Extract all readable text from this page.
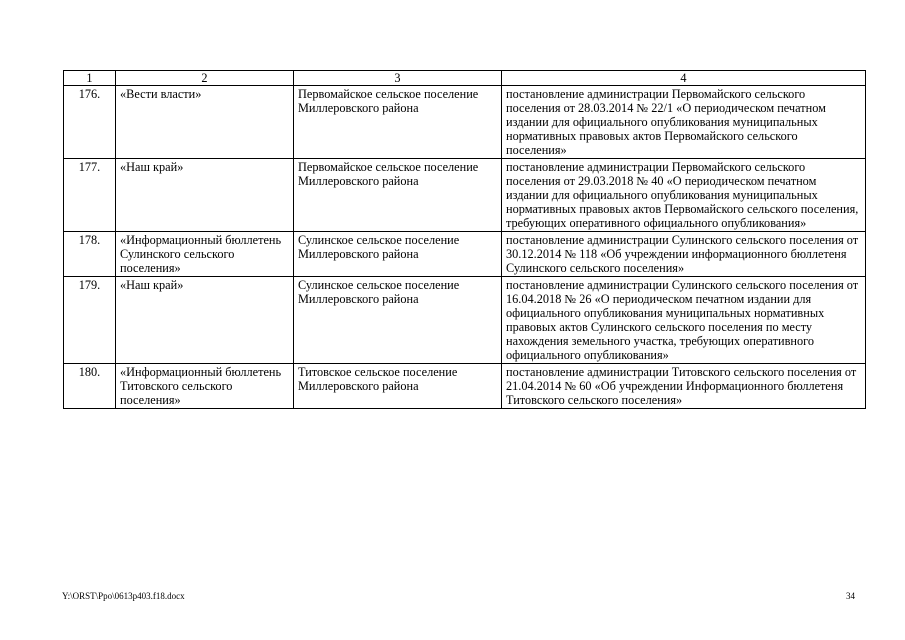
1	2	3	4
176.	«Вести власти»	Первомайское сельское поселение Миллеровского района	постановление администрации Первомайского сельского поселения от 28.03.2014 № 22/1 «О периодическом печатном издании для официального опубликования муниципальных нормативных правовых актов Первомайского сельского поселения»
177.	«Наш край»	Первомайское сельское поселение Миллеровского района	постановление администрации Первомайского сельского поселения от 29.03.2018 № 40 «О периодическом печатном издании для официального опубликования муниципальных нормативных правовых актов Первомайского сельского поселения, требующих оперативного официального опубликования»
178.	«Информационный бюллетень Сулинского сельского поселения»	Сулинское сельское поселение Миллеровского района	постановление администрации Сулинского сельского поселения от 30.12.2014 № 118 «Об учреждении информационного бюллетеня Сулинского сельского поселения»
179.	«Наш край»	Сулинское сельское поселение Миллеровского района	постановление администрации Сулинского сельского поселения от 16.04.2018 № 26 «О периодическом печатном издании для официального опубликования муниципальных нормативных правовых актов Сулинского сельского поселения по месту нахождения земельного участка, требующих оперативного официального опубликования»
180.	«Информационный бюллетень Титовского сельского поселения»	Титовское сельское поселение Миллеровского района	постановление администрации Титовского сельского поселения от 21.04.2014 № 60 «Об учреждении Информационного бюллетеня Титовского сельского поселения»
Y:\ORST\Ppo\0613p403.f18.docx	34
